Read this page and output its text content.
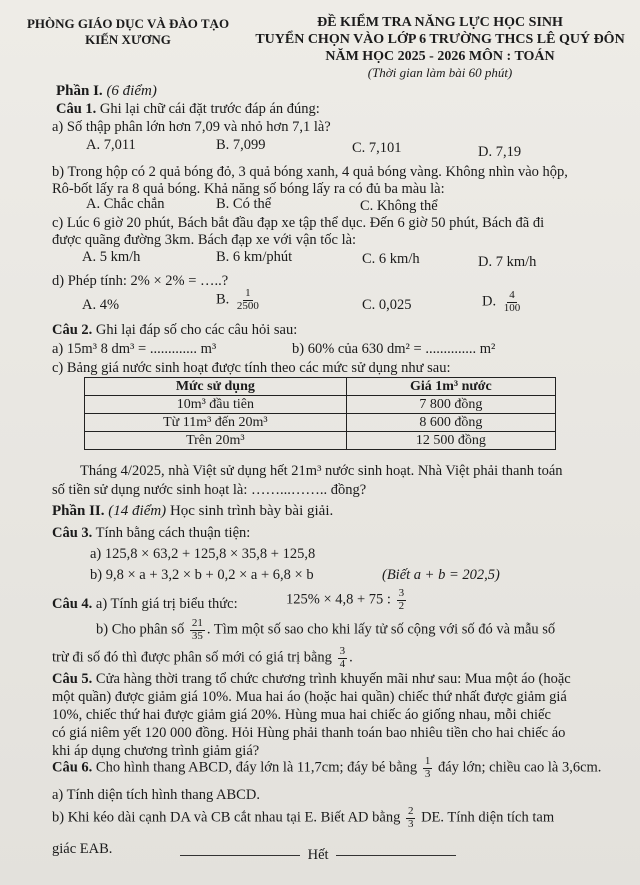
PHÒNG GIÁO DỤC VÀ ĐÀO TẠO
KIẾN XƯƠNG
ĐỀ KIỂM TRA NĂNG LỰC HỌC SINH
TUYỂN CHỌN VÀO LỚP 6 TRƯỜNG THCS LÊ QUÝ ĐÔN
NĂM HỌC 2025 - 2026 MÔN : TOÁN
(Thời gian làm bài 60 phút)
Phần I. (6 điểm)
Câu 1. Ghi lại chữ cái đặt trước đáp án đúng:
a) Số thập phân lớn hơn 7,09 và nhỏ hơn 7,1 là?
A. 7,011	B. 7,099	C. 7,101	D. 7,19
b) Trong hộp có 2 quả bóng đỏ, 3 quả bóng xanh, 4 quả bóng vàng. Không nhìn vào hộp,
Rô-bốt lấy ra 8 quả bóng. Khả năng số bóng lấy ra có đủ ba màu là:
A. Chắc chắn	B. Có thể	C. Không thể
c) Lúc 6 giờ 20 phút, Bách bắt đầu đạp xe tập thể dục. Đến 6 giờ 50 phút, Bách đã đi
được quãng đường 3km. Bách đạp xe với vận tốc là:
A. 5 km/h	B. 6 km/phút	C. 6 km/h	D. 7 km/h
d) Phép tính: 2% × 2% = …..?
A. 4%	B. $\frac{1}{2500}$	C. 0,025	D. $\frac{4}{100}$
Câu 2. Ghi lại đáp số cho các câu hỏi sau:
a) 15m³ 8 dm³ = ............. m³	b) 60% của 630 dm² = .............. m²
c) Bảng giá nước sinh hoạt được tính theo các mức sử dụng như sau:
Mức sử dụng	Giá 1m³ nước
10m³ đầu tiên	7 800 đồng
Từ 11m³ đến 20m³	8 600 đồng
Trên 20m³	12 500 đồng
Tháng 4/2025, nhà Việt sử dụng hết 21m³ nước sinh hoạt. Nhà Việt phải thanh toán
số tiền sử dụng nước sinh hoạt là: ……...…….. đồng?
Phần II. (14 điểm) Học sinh trình bày bài giải.
Câu 3. Tính bằng cách thuận tiện:
a) 125,8 × 63,2 + 125,8 × 35,8 + 125,8
b) 9,8 × a + 3,2 × b + 0,2 × a + 6,8 × b	(Biết a + b = 202,5)
Câu 4. a) Tính giá trị biểu thức:	125% × 4,8 + 75 : $\frac{3}{2}$
b) Cho phân số $\frac{21}{35}$ . Tìm một số sao cho khi lấy tử số cộng với số đó và mẫu số
trừ đi số đó thì được phân số mới có giá trị bằng $\frac{3}{4}$ .
Câu 5. Cửa hàng thời trang tổ chức chương trình khuyến mãi như sau: Mua một áo (hoặc
một quần) được giảm giá 10%. Mua hai áo (hoặc hai quần) chiếc thứ nhất được giảm giá
10%, chiếc thứ hai được giảm giá 20%. Hùng mua hai chiếc áo giống nhau, mỗi chiếc
có giá niêm yết 120 000 đồng. Hỏi Hùng phải thanh toán bao nhiêu tiền cho hai chiếc áo
khi áp dụng chương trình giảm giá?
Câu 6. Cho hình thang ABCD, đáy lớn là 11,7cm; đáy bé bằng $\frac{1}{3}$ đáy lớn; chiều cao là 3,6cm.
a) Tính diện tích hình thang ABCD.
b) Khi kéo dài cạnh DA và CB cắt nhau tại E. Biết AD bằng $\frac{2}{3}$ DE. Tính diện tích tam
giác EAB.	Hết
